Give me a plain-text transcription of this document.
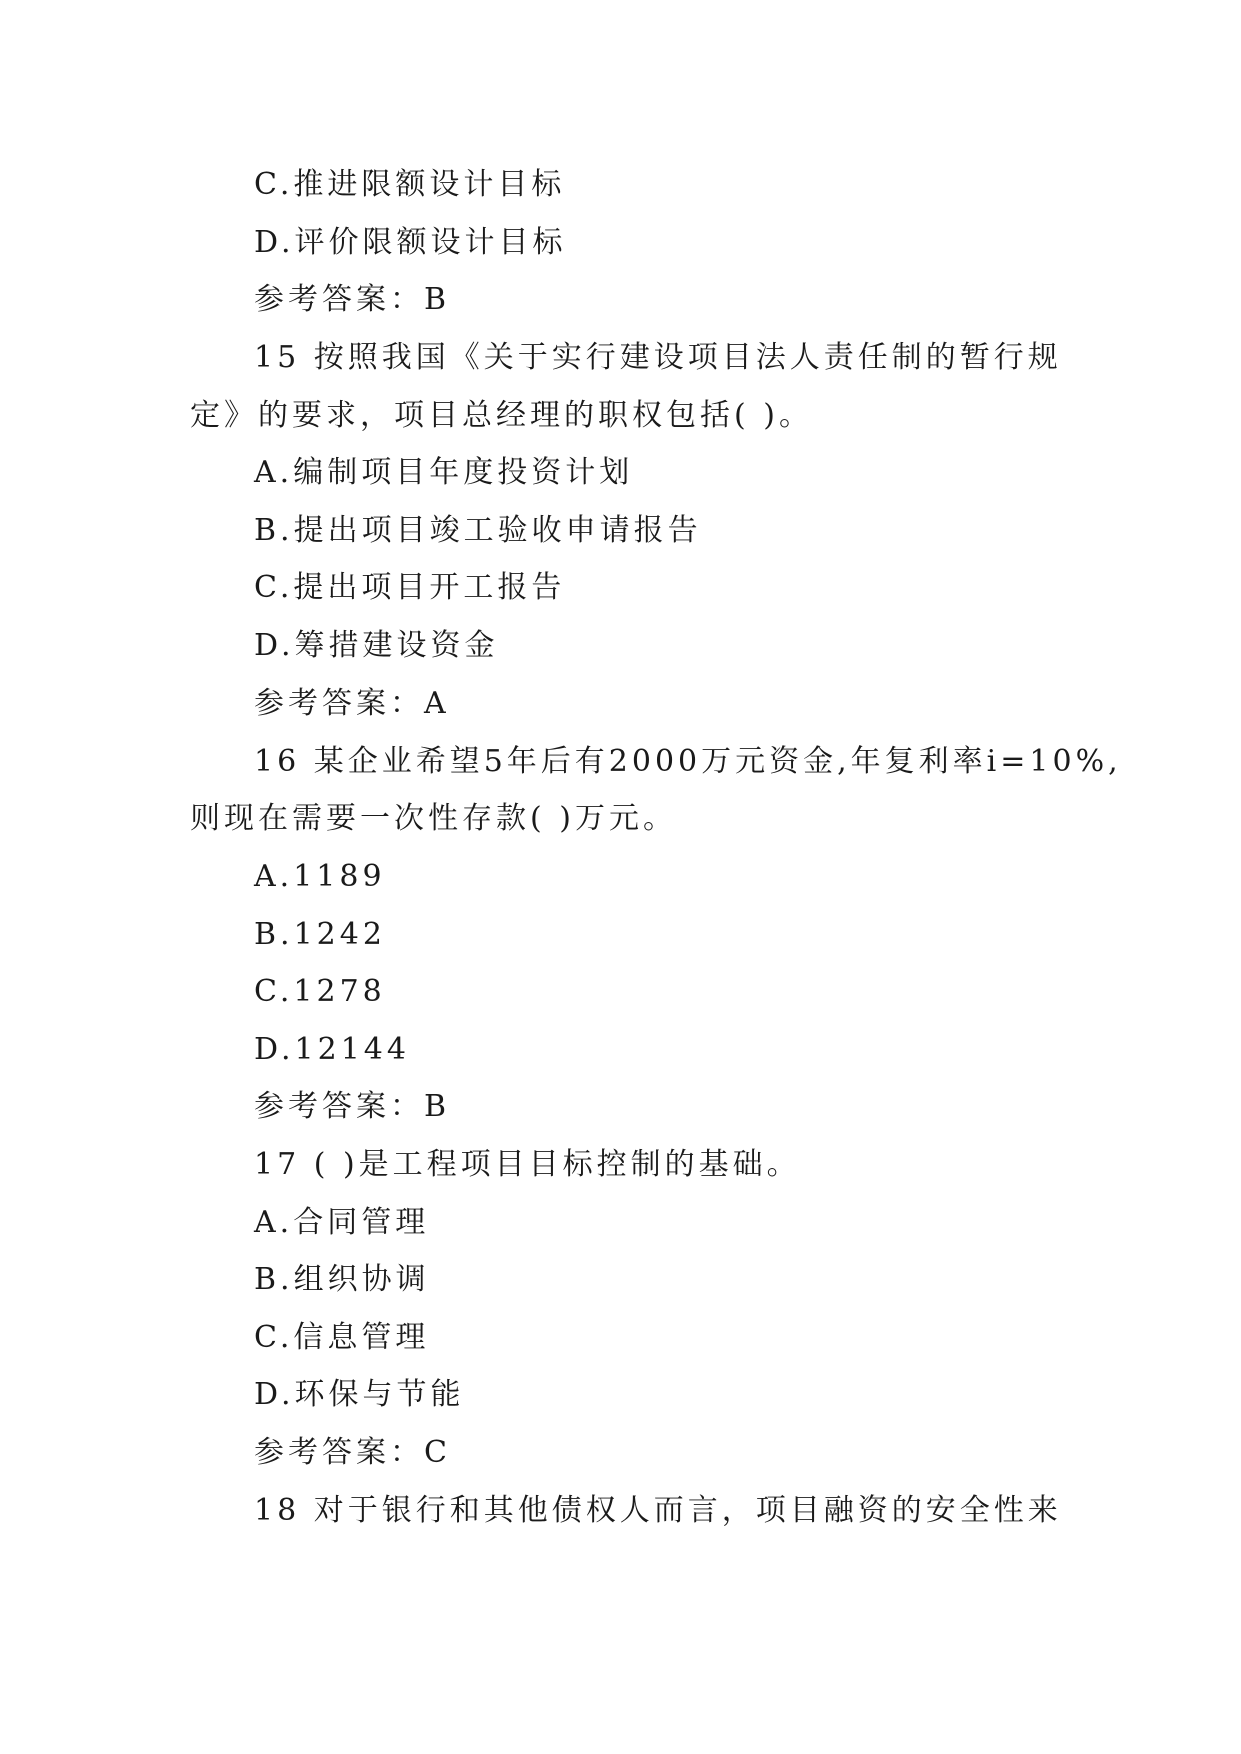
C.推进限额设计目标
D.评价限额设计目标
参考答案：B
15 按照我国《关于实行建设项目法人责任制的暂行规
定》的要求，项目总经理的职权包括( )。
A.编制项目年度投资计划
B.提出项目竣工验收申请报告
C.提出项目开工报告
D.筹措建设资金
参考答案：A
16 某企业希望5年后有2000万元资金,年复利率i=10%,
则现在需要一次性存款( )万元。
A.1189
B.1242
C.1278
D.12144
参考答案：B
17 ( )是工程项目目标控制的基础。
A.合同管理
B.组织协调
C.信息管理
D.环保与节能
参考答案：C
18 对于银行和其他债权人而言，项目融资的安全性来
